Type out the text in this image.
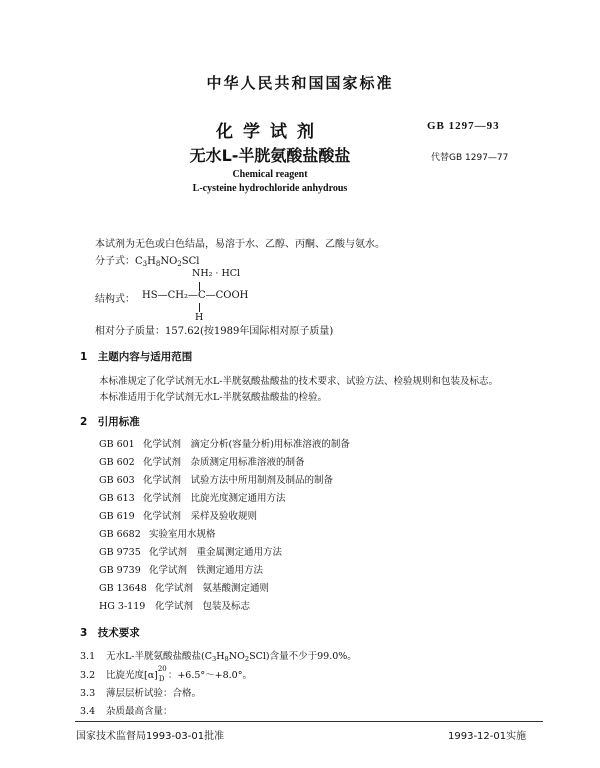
中华人民共和国国家标准
化学试剂
无水L-半胱氨酸盐酸盐
GB 1297—93
代替GB 1297—77
Chemical reagent
L-cysteine hydrochloride anhydrous
本试剂为无色或白色结晶，易溶于水、乙醇、丙酮、乙酸与氨水。
分子式：$C_3H_8NO_2SCl$
NH₂ · HCl
结构式： HS—CH₂—C—COOH
H
相对分子质量：157.62(按1989年国际相对原子质量)
1　主题内容与适用范围
本标准规定了化学试剂无水L-半胱氨酸盐酸盐的技术要求、试验方法、检验规则和包装及标志。
本标准适用于化学试剂无水L-半胱氨酸盐酸盐的检验。
2　引用标准
GB 601 化学试剂　滴定分析(容量分析)用标准溶液的制备
GB 602 化学试剂　杂质测定用标准溶液的制备
GB 603 化学试剂　试验方法中所用制剂及制品的制备
GB 613 化学试剂　比旋光度测定通用方法
GB 619 化学试剂　采样及验收规则
GB 6682 实验室用水规格
GB 9735 化学试剂　重金属测定通用方法
GB 9739 化学试剂　铁测定通用方法
GB 13648 化学试剂　氨基酸测定通则
HG 3-119 化学试剂　包装及标志
3　技术要求
3.1 无水L-半胱氨酸盐酸盐$(C_3H_8NO_2SCl)$含量不少于99.0%。
3.2 比旋光度[α]
20
D ：+6.5°～+8.0°。
3.3 薄层层析试验：合格。
3.4 杂质最高含量：
国家技术监督局1993-03-01批准	1993-12-01实施
